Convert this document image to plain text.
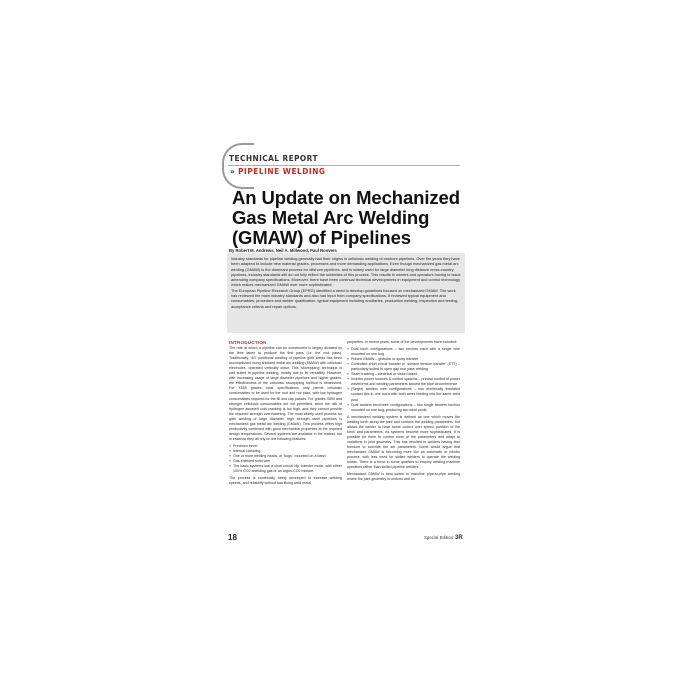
TECHNICAL REPORT
» PIPELINE WELDING
An Update on Mechanized Gas Metal Arc Welding (GMAW) of Pipelines
By Robert M. Andrews, Neil A. Millwood, Paul Roovers

Industry standards for pipeline welding generally had their origins in cellulosic welding of onshore pipelines. Over the years they have been adapted to include new material grades, processes and more demanding applications. Even though mechanized gas metal arc welding (GMAW) is the dominant process for offshore pipelines, and is widely used for large diameter long distance cross-country pipelines, industry standards still do not fully reflect the subtleties of this process. This results in owners and operators having to issue amending company specifications. Moreover, there have been continual technical developments in equipment and control technology which makes mechanized GMAW ever more sophisticated.

The European Pipeline Research Group (EPRG) identified a need to develop guidelines focused on mechanized GMAW. The work has reviewed the main industry standards and also had input from company specifications. It reviewed typical equipment and consumables, procedure and welder qualification, typical equipment including ancillaries, production welding, inspection and testing, acceptance criteria and repair options.

INTRODUCTION

The rate at which a pipeline can be constructed is largely dictated by the time taken to produce the first pass (i.e. the root pass). Traditionally, '5G' positional welding of pipeline girth welds has been accomplished using shielded metal arc welding (SMAW) with cellulosic electrodes, operated vertically down. This 'stovepiping' technique is well suited to pipeline welding, mostly due to its versatility. However, with increasing usage of large diameter pipelines and higher grades, the effectiveness of the cellulosic stovepiping method is diminished. For X555 grades most specifications only permit cellulosic consumables to be used for the root and hot pass, with low hydrogen consumables required for the fill and cap passes. For grades X690 and stronger cellulosic consumables are not permitted, since the risk of hydrogen assisted cold cracking is too high, and they cannot provide the required strength overmatching. The most widely used process for girth welding of large diameter, high strength steel pipelines is mechanized gas metal arc welding (GMAW). This process offers high productivity combined with good mechanical properties at the required design temperatures. Several systems are available in the market, but in essence they all rely on the following features:

» Precision bevel
» Internal clamping
» One or more welding heads, or 'bugs', mounted on a band
» Gas-shielded solid wire
» The basic systems use a short circuit 'dip' transfer mode, with either 100% CO2 shielding gas or an argon-CO2 mixture.

The process is continually being developed to increase welding speeds, and reliability without sacrificing weld metal

properties. In recent years, some of the developments have included:

» Dual torch configurations – two torches each with a single wire mounted on one bug
» Pulsed GMAW – globular or spray transfer
» Controlled short circuit transfer or 'surface tension transfer' (STT) – particularly suited to open gap root pass welding
» Seam tracking – electrical or vision based
» Inverter power sources & control systems – precise control of power waveforms and welding parameters around the pipe circumference
» (Single) tandem wire configurations – two electrically insulated contact tips in one torch with both wires feeding into the same weld pool
» Dual tandem torch/wire configurations – two single tandem torches mounted on one bug, producing two weld pools.

A mechanized welding system is defined as one which moves the welding torch along the joint and controls the welding parameters, but allows the welder to have some control over speed, position of the torch and parameters. As systems become more sophisticated, it is possible for them to control more of the parameters and adapt to variations in joint geometry. This has resulted in welders having less freedom to override the set parameters. Some would argue that mechanized GMAW is becoming more like an automatic or robotic process, with less need for skilled welders to operate the welding heads. There is a trend in some quarters to employ welding machine operators rather than skilled pipeline welders.

Mechanized GMAW is best suited to 'mainline' pipe-to-pipe welding where the joint geometry is uniform and an

18	Special Edition 3R
